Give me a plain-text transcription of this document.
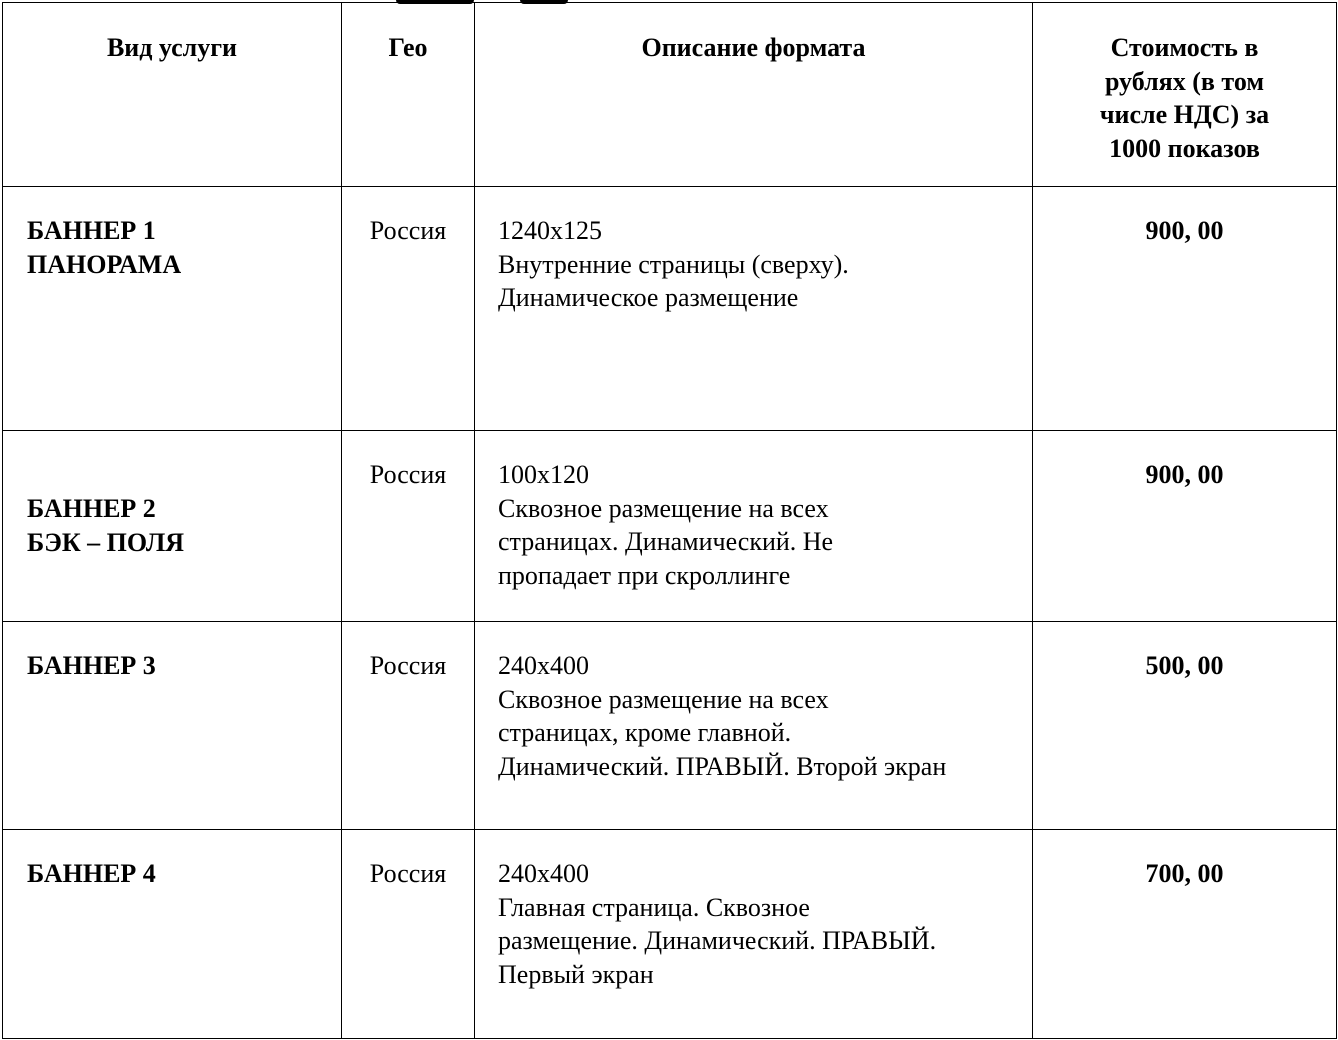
Вид услуги	Гео	Описание формата	Стоимость в
рублях (в том
числе НДС) за
1000 показов

БАННЕР 1
ПАНОРАМА	Россия	1240х125
Внутренние страницы (сверху).
Динамическое размещение	900, 00

БАННЕР 2
БЭК – ПОЛЯ	Россия	100х120
Сквозное размещение на всех
страницах. Динамический. Не
пропадает при скроллинге	900, 00

БАННЕР 3	Россия	240х400
Сквозное размещение на всех
страницах, кроме главной.
Динамический. ПРАВЫЙ. Второй экран	500, 00

БАННЕР 4	Россия	240х400
Главная страница. Сквозное
размещение. Динамический. ПРАВЫЙ.
Первый экран	700, 00
